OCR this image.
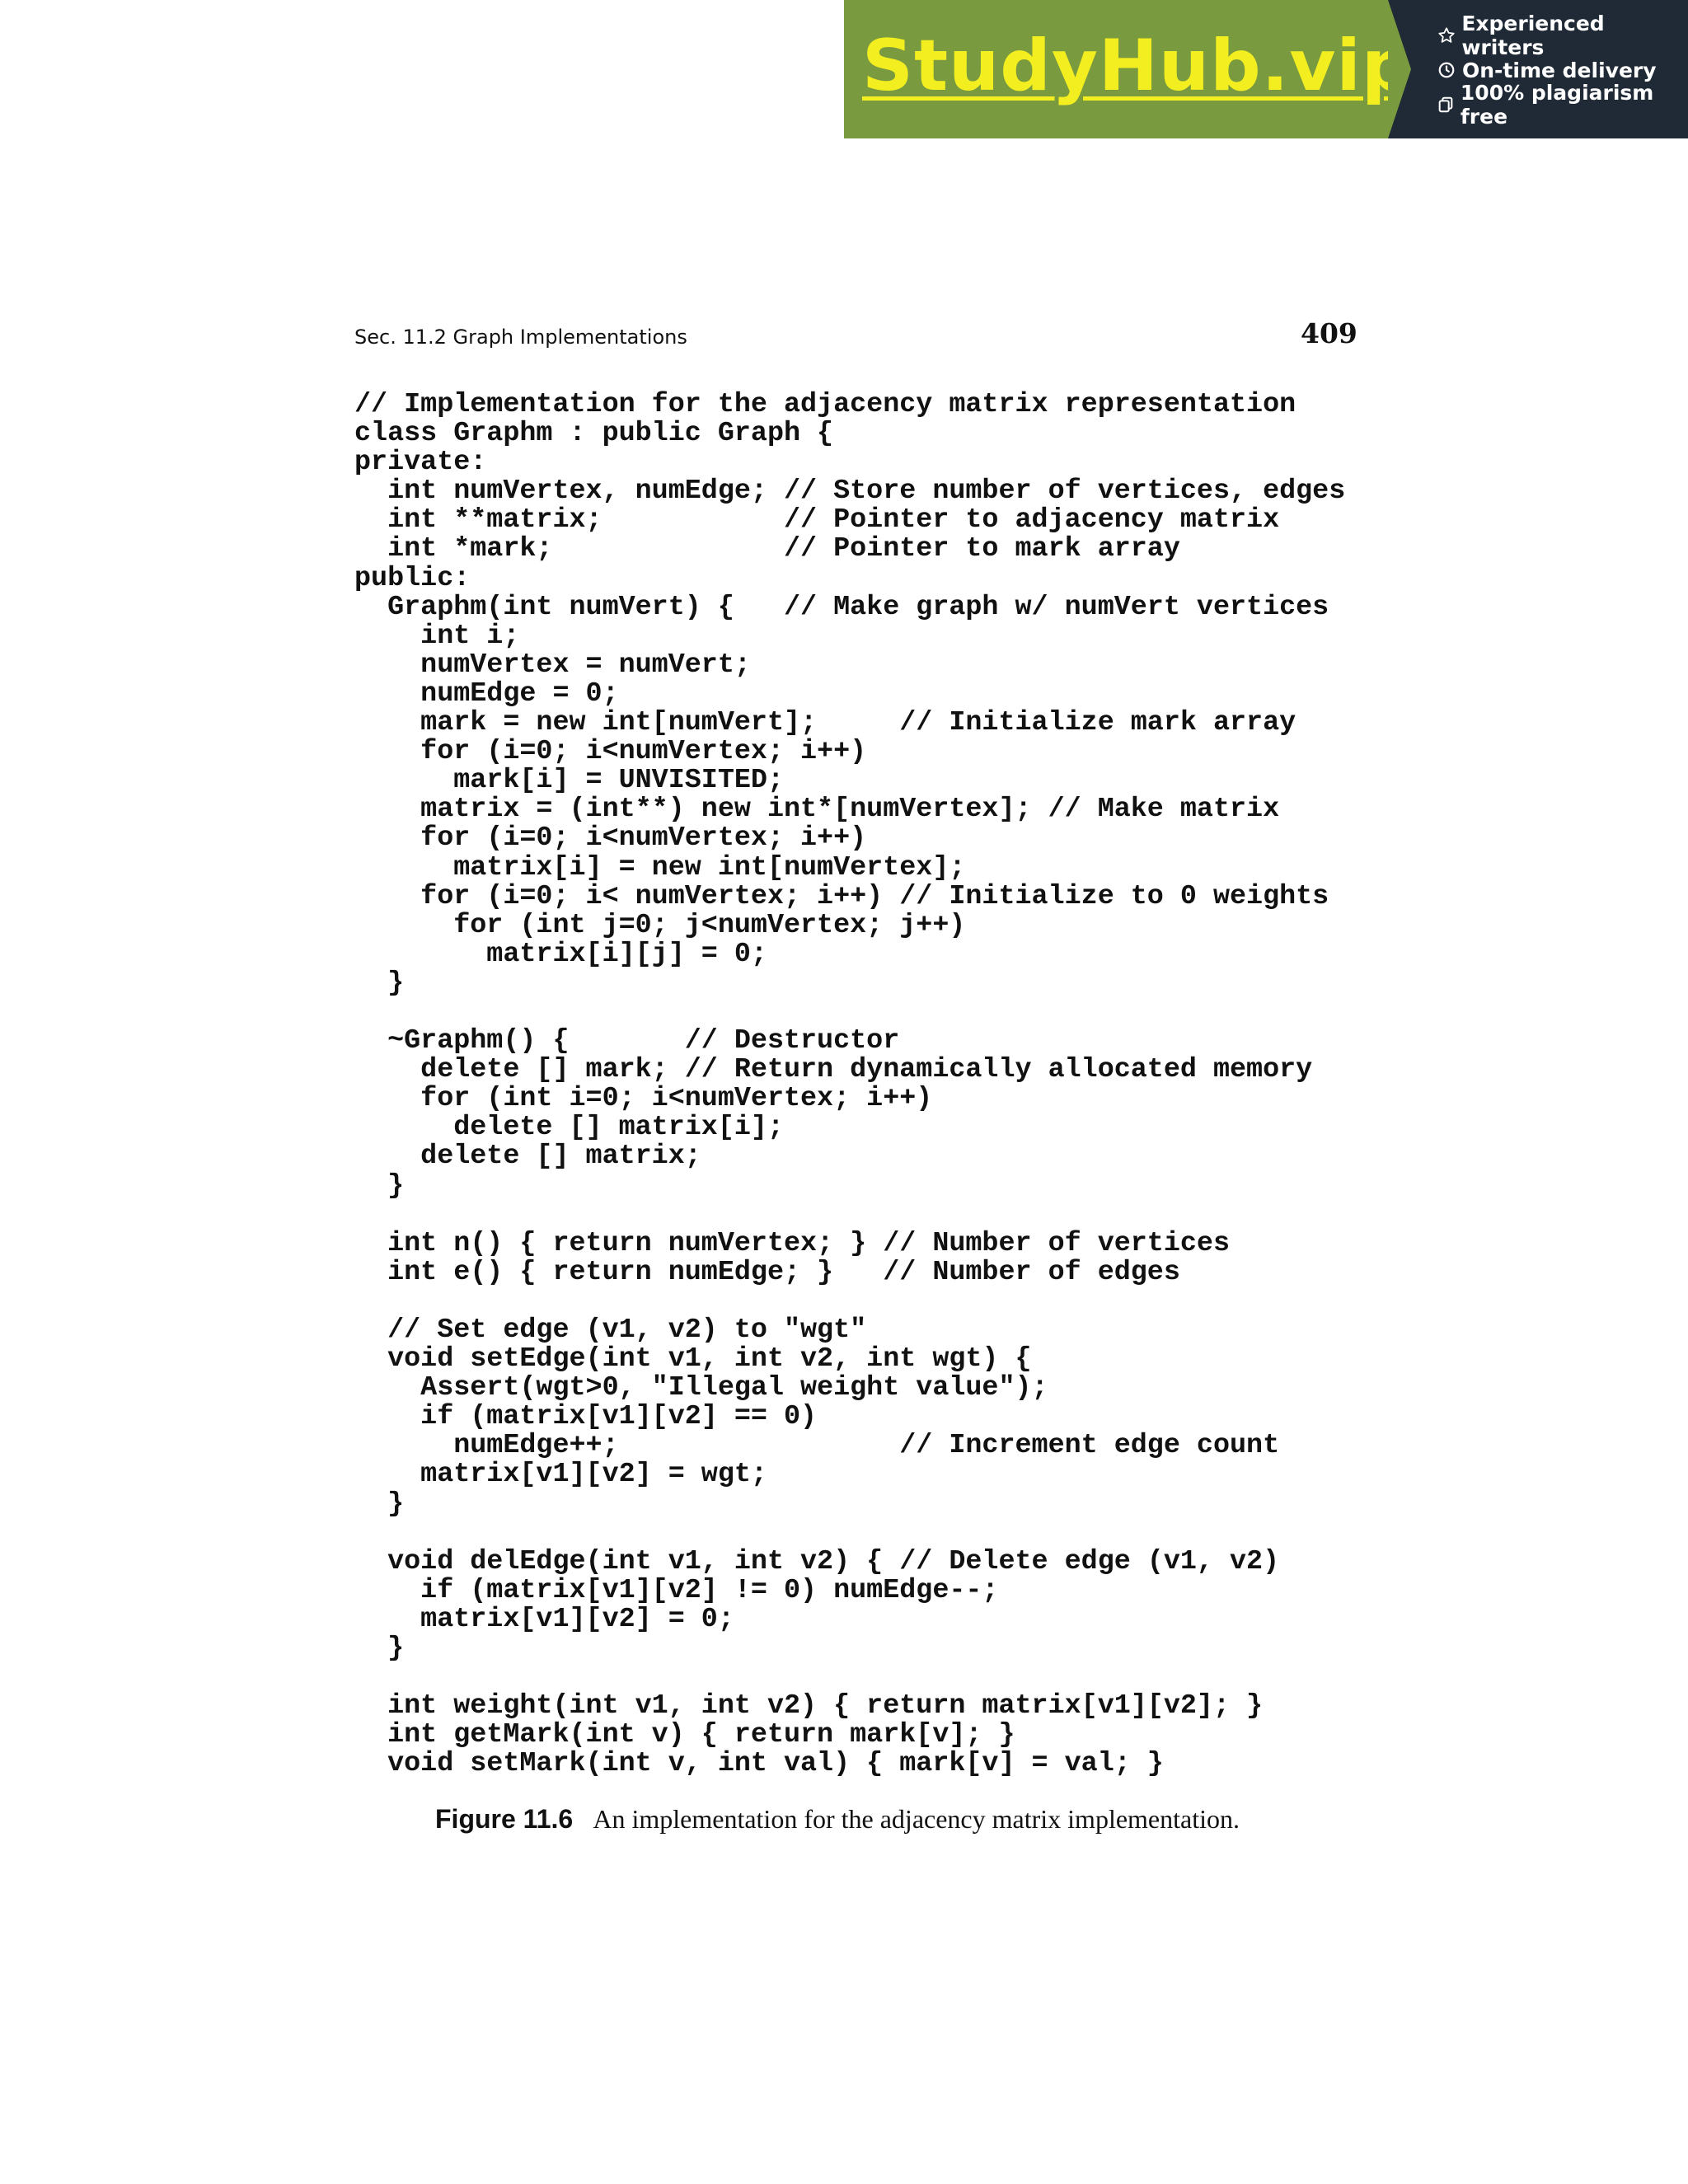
StudyHub.vip
Experienced writers
On-time delivery
100% plagiarism free
Sec. 11.2 Graph Implementations	409
// Implementation for the adjacency matrix representation
class Graphm : public Graph {
private:
int numVertex, numEdge; // Store number of vertices, edges
int **matrix;           // Pointer to adjacency matrix
int *mark;              // Pointer to mark array
public:
Graphm(int numVert) {   // Make graph w/ numVert vertices
int i;
numVertex = numVert;
numEdge = 0;
mark = new int[numVert];     // Initialize mark array
for (i=0; i<numVertex; i++)
mark[i] = UNVISITED;
matrix = (int**) new int*[numVertex]; // Make matrix
for (i=0; i<numVertex; i++)
matrix[i] = new int[numVertex];
for (i=0; i< numVertex; i++) // Initialize to 0 weights
for (int j=0; j<numVertex; j++)
matrix[i][j] = 0;
}
~Graphm() {       // Destructor
delete [] mark; // Return dynamically allocated memory
for (int i=0; i<numVertex; i++)
delete [] matrix[i];
delete [] matrix;
}
int n() { return numVertex; } // Number of vertices
int e() { return numEdge; }   // Number of edges
// Set edge (v1, v2) to "wgt"
void setEdge(int v1, int v2, int wgt) {
Assert(wgt>0, "Illegal weight value");
if (matrix[v1][v2] == 0)
numEdge++;                 // Increment edge count
matrix[v1][v2] = wgt;
}
void delEdge(int v1, int v2) { // Delete edge (v1, v2)
if (matrix[v1][v2] != 0) numEdge--;
matrix[v1][v2] = 0;
}
int weight(int v1, int v2) { return matrix[v1][v2]; }
int getMark(int v) { return mark[v]; }
void setMark(int v, int val) { mark[v] = val; }
Figure 11.6 An implementation for the adjacency matrix implementation.
